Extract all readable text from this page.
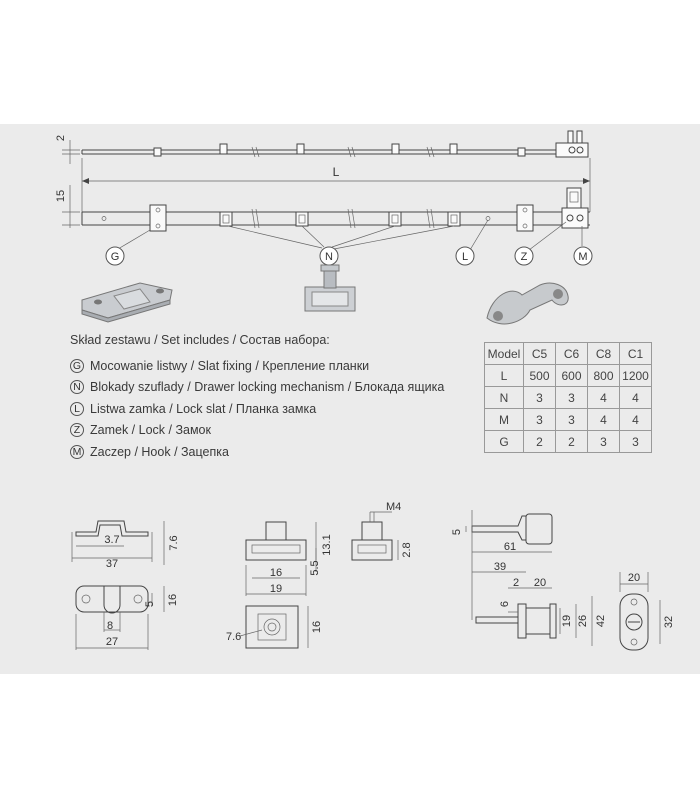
2
L
15
G	N	L	Z	M
3.7
37
7.6
8
5 16
27
16
19
13.1
5.5
M4
2.8
7.6
16
5
61
39
2 20
6
19 26 42
20
32
Skład zestawu / Set includes / Состав набора:
G Mocowanie listwy / Slat fixing / Крепление планки
N Blokady szuflady / Drawer locking mechanism / Блокада ящика
L Listwa zamka / Lock slat / Планка замка
Z Zamek / Lock / Замок
M Zaczep / Hook / Зацепка
Model	C5	C6	C8	C1
L	500	600	800	1200
N	3	3	4	4
M	3	3	4	4
G	2	2	3	3
